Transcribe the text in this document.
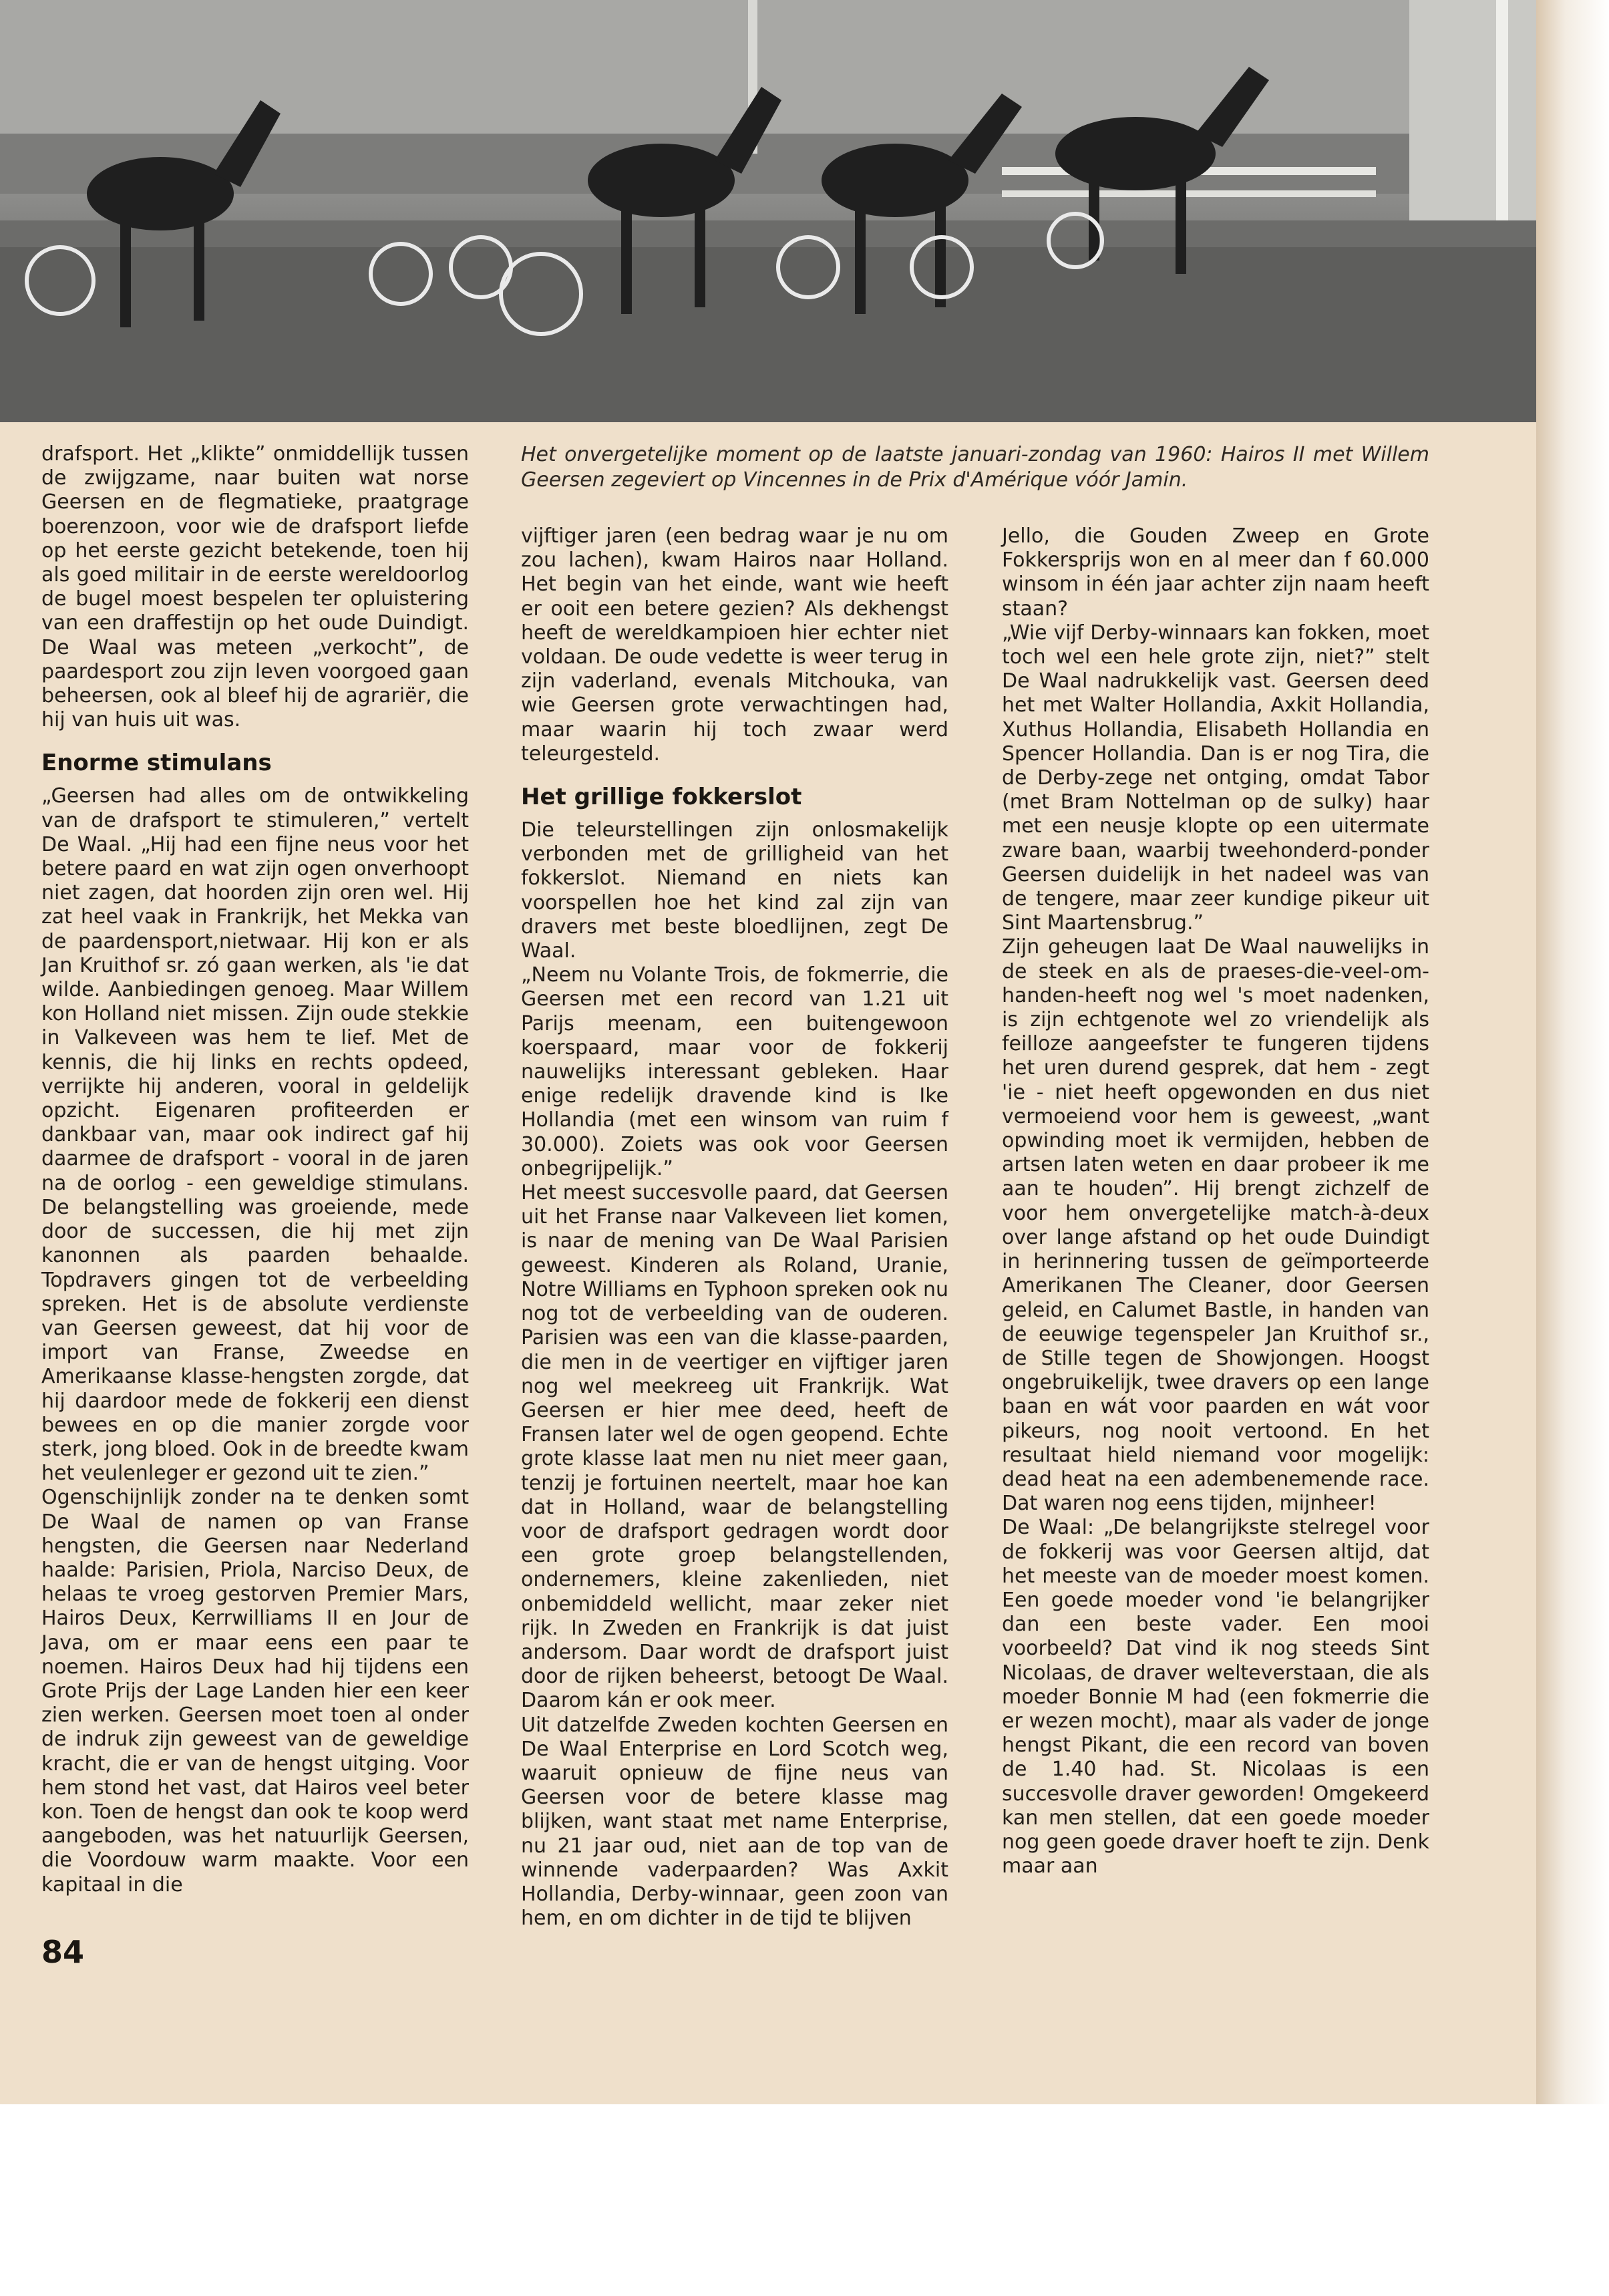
Het onvergetelijke moment op de laatste januari-zondag van 1960: Hairos II met Willem Geersen zegeviert op Vincennes in de Prix d'Amérique vóór Jamin.

drafsport. Het „klikte” onmiddellijk tussen de zwijgzame, naar buiten wat norse Geersen en de flegmatieke, praatgrage boerenzoon, voor wie de drafsport liefde op het eerste gezicht betekende, toen hij als goed militair in de eerste wereldoorlog de bugel moest bespelen ter opluistering van een draffestijn op het oude Duindigt. De Waal was meteen „verkocht”, de paardesport zou zijn leven voorgoed gaan beheersen, ook al bleef hij de agrariër, die hij van huis uit was.

Enorme stimulans

„Geersen had alles om de ontwikkeling van de drafsport te stimuleren,” vertelt De Waal. „Hij had een fijne neus voor het betere paard en wat zijn ogen onverhoopt niet zagen, dat hoorden zijn oren wel. Hij zat heel vaak in Frankrijk, het Mekka van de paardensport,nietwaar. Hij kon er als Jan Kruithof sr. zó gaan werken, als 'ie dat wilde. Aanbiedingen genoeg. Maar Willem kon Holland niet missen. Zijn oude stekkie in Valkeveen was hem te lief. Met de kennis, die hij links en rechts opdeed, verrijkte hij anderen, vooral in geldelijk opzicht. Eigenaren profiteerden er dankbaar van, maar ook indirect gaf hij daarmee de drafsport - vooral in de jaren na de oorlog - een geweldige stimulans. De belangstelling was groeiende, mede door de successen, die hij met zijn kanonnen als paarden behaalde. Topdravers gingen tot de verbeelding spreken. Het is de absolute verdienste van Geersen geweest, dat hij voor de import van Franse, Zweedse en Amerikaanse klasse-hengsten zorgde, dat hij daardoor mede de fokkerij een dienst bewees en op die manier zorgde voor sterk, jong bloed. Ook in de breedte kwam het veulenleger er gezond uit te zien.”

Ogenschijnlijk zonder na te denken somt De Waal de namen op van Franse hengsten, die Geersen naar Nederland haalde: Parisien, Priola, Narciso Deux, de helaas te vroeg gestorven Premier Mars, Hairos Deux, Kerrwilliams II en Jour de Java, om er maar eens een paar te noemen. Hairos Deux had hij tijdens een Grote Prijs der Lage Landen hier een keer zien werken. Geersen moet toen al onder de indruk zijn geweest van de geweldige kracht, die er van de hengst uitging. Voor hem stond het vast, dat Hairos veel beter kon. Toen de hengst dan ook te koop werd aangeboden, was het natuurlijk Geersen, die Voordouw warm maakte. Voor een kapitaal in die

vijftiger jaren (een bedrag waar je nu om zou lachen), kwam Hairos naar Holland. Het begin van het einde, want wie heeft er ooit een betere gezien? Als dekhengst heeft de wereldkampioen hier echter niet voldaan. De oude vedette is weer terug in zijn vaderland, evenals Mitchouka, van wie Geersen grote verwachtingen had, maar waarin hij toch zwaar werd teleurgesteld.

Het grillige fokkerslot

Die teleurstellingen zijn onlosmakelijk verbonden met de grilligheid van het fokkerslot. Niemand en niets kan voorspellen hoe het kind zal zijn van dravers met beste bloedlijnen, zegt De Waal.

„Neem nu Volante Trois, de fokmerrie, die Geersen met een record van 1.21 uit Parijs meenam, een buitengewoon koerspaard, maar voor de fokkerij nauwelijks interessant gebleken. Haar enige redelijk dravende kind is Ike Hollandia (met een winsom van ruim f 30.000). Zoiets was ook voor Geersen onbegrijpelijk.”

Het meest succesvolle paard, dat Geersen uit het Franse naar Valkeveen liet komen, is naar de mening van De Waal Parisien geweest. Kinderen als Roland, Uranie, Notre Williams en Typhoon spreken ook nu nog tot de verbeelding van de ouderen. Parisien was een van die klasse-paarden, die men in de veertiger en vijftiger jaren nog wel meekreeg uit Frankrijk. Wat Geersen er hier mee deed, heeft de Fransen later wel de ogen geopend. Echte grote klasse laat men nu niet meer gaan, tenzij je fortuinen neertelt, maar hoe kan dat in Holland, waar de belangstelling voor de drafsport gedragen wordt door een grote groep belangstellenden, ondernemers, kleine zakenlieden, niet onbemiddeld wellicht, maar zeker niet rijk. In Zweden en Frankrijk is dat juist andersom. Daar wordt de drafsport juist door de rijken beheerst, betoogt De Waal. Daarom kán er ook meer.

Uit datzelfde Zweden kochten Geersen en De Waal Enterprise en Lord Scotch weg, waaruit opnieuw de fijne neus van Geersen voor de betere klasse mag blijken, want staat met name Enterprise, nu 21 jaar oud, niet aan de top van de winnende vaderpaarden? Was Axkit Hollandia, Derby-winnaar, geen zoon van hem, en om dichter in de tijd te blijven

Jello, die Gouden Zweep en Grote Fokkersprijs won en al meer dan f 60.000 winsom in één jaar achter zijn naam heeft staan?

„Wie vijf Derby-winnaars kan fokken, moet toch wel een hele grote zijn, niet?” stelt De Waal nadrukkelijk vast. Geersen deed het met Walter Hollandia, Axkit Hollandia, Xuthus Hollandia, Elisabeth Hollandia en Spencer Hollandia. Dan is er nog Tira, die de Derby-zege net ontging, omdat Tabor (met Bram Nottelman op de sulky) haar met een neusje klopte op een uitermate zware baan, waarbij tweehonderd-ponder Geersen duidelijk in het nadeel was van de tengere, maar zeer kundige pikeur uit Sint Maartensbrug.”

Zijn geheugen laat De Waal nauwelijks in de steek en als de praeses-die-veel-om-handen-heeft nog wel 's moet nadenken, is zijn echtgenote wel zo vriendelijk als feilloze aangeefster te fungeren tijdens het uren durend gesprek, dat hem - zegt 'ie - niet heeft opgewonden en dus niet vermoeiend voor hem is geweest, „want opwinding moet ik vermijden, hebben de artsen laten weten en daar probeer ik me aan te houden”. Hij brengt zichzelf de voor hem onvergetelijke match-à-deux over lange afstand op het oude Duindigt in herinnering tussen de geïmporteerde Amerikanen The Cleaner, door Geersen geleid, en Calumet Bastle, in handen van de eeuwige tegenspeler Jan Kruithof sr., de Stille tegen de Showjongen. Hoogst ongebruikelijk, twee dravers op een lange baan en wát voor paarden en wát voor pikeurs, nog nooit vertoond. En het resultaat hield niemand voor mogelijk: dead heat na een adembenemende race. Dat waren nog eens tijden, mijnheer!

De Waal: „De belangrijkste stelregel voor de fokkerij was voor Geersen altijd, dat het meeste van de moeder moest komen. Een goede moeder vond 'ie belangrijker dan een beste vader. Een mooi voorbeeld? Dat vind ik nog steeds Sint Nicolaas, de draver welteverstaan, die als moeder Bonnie M had (een fokmerrie die er wezen mocht), maar als vader de jonge hengst Pikant, die een record van boven de 1.40 had. St. Nicolaas is een succesvolle draver geworden! Omgekeerd kan men stellen, dat een goede moeder nog geen goede draver hoeft te zijn. Denk maar aan

84
